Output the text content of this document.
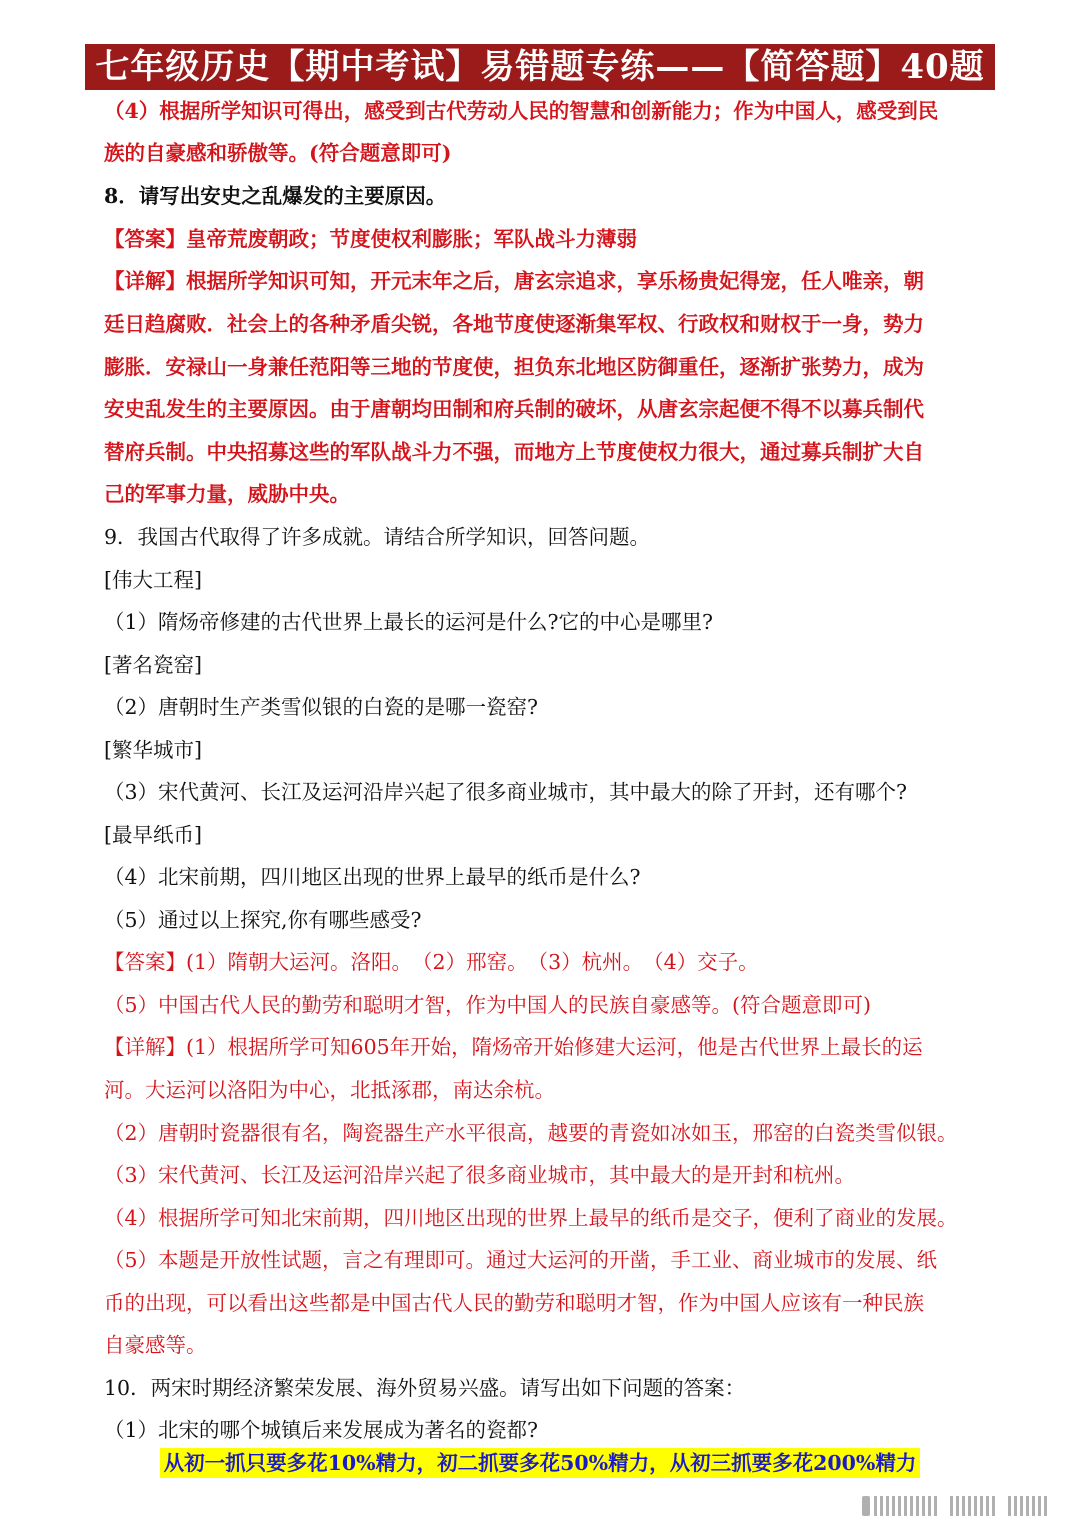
七年级历史【期中考试】易错题专练——【简答题】40题
（4）根据所学知识可得出，感受到古代劳动人民的智慧和创新能力；作为中国人，感受到民
族的自豪感和骄傲等。(符合题意即可)
8．请写出安史之乱爆发的主要原因。
【答案】皇帝荒废朝政；节度使权利膨胀；军队战斗力薄弱
【详解】根据所学知识可知，开元末年之后，唐玄宗追求，享乐杨贵妃得宠，任人唯亲，朝
廷日趋腐败．社会上的各种矛盾尖锐，各地节度使逐渐集军权、行政权和财权于一身，势力
膨胀．安禄山一身兼任范阳等三地的节度使，担负东北地区防御重任，逐渐扩张势力，成为
安史乱发生的主要原因。由于唐朝均田制和府兵制的破坏，从唐玄宗起便不得不以募兵制代
替府兵制。中央招募这些的军队战斗力不强，而地方上节度使权力很大，通过募兵制扩大自
己的军事力量，威胁中央。
9．我国古代取得了许多成就。请结合所学知识，回答问题。
[伟大工程]
（1）隋炀帝修建的古代世界上最长的运河是什么?它的中心是哪里?
[著名瓷窑]
（2）唐朝时生产类雪似银的白瓷的是哪一瓷窑?
[繁华城市]
（3）宋代黄河、长江及运河沿岸兴起了很多商业城市，其中最大的除了开封，还有哪个?
[最早纸币]
（4）北宋前期，四川地区出现的世界上最早的纸币是什么?
（5）通过以上探究,你有哪些感受?
【答案】(1）隋朝大运河。洛阳。　（2）邢窑。　（3）杭州。　（4）交子。
（5）中国古代人民的勤劳和聪明才智，作为中国人的民族自豪感等。(符合题意即可)
【详解】(1）根据所学可知605年开始，隋炀帝开始修建大运河，他是古代世界上最长的运
河。大运河以洛阳为中心，北抵涿郡，南达余杭。
（2）唐朝时瓷器很有名，陶瓷器生产水平很高，越要的青瓷如冰如玉，邢窑的白瓷类雪似银。
（3）宋代黄河、长江及运河沿岸兴起了很多商业城市，其中最大的是开封和杭州。
（4）根据所学可知北宋前期，四川地区出现的世界上最早的纸币是交子，便利了商业的发展。
（5）本题是开放性试题，言之有理即可。通过大运河的开凿，手工业、商业城市的发展、纸
币的出现，可以看出这些都是中国古代人民的勤劳和聪明才智，作为中国人应该有一种民族
自豪感等。
10．两宋时期经济繁荣发展、海外贸易兴盛。请写出如下问题的答案：
（1）北宋的哪个城镇后来发展成为著名的瓷都?
从初一抓只要多花10%精力，初二抓要多花50%精力，从初三抓要多花200%精力
